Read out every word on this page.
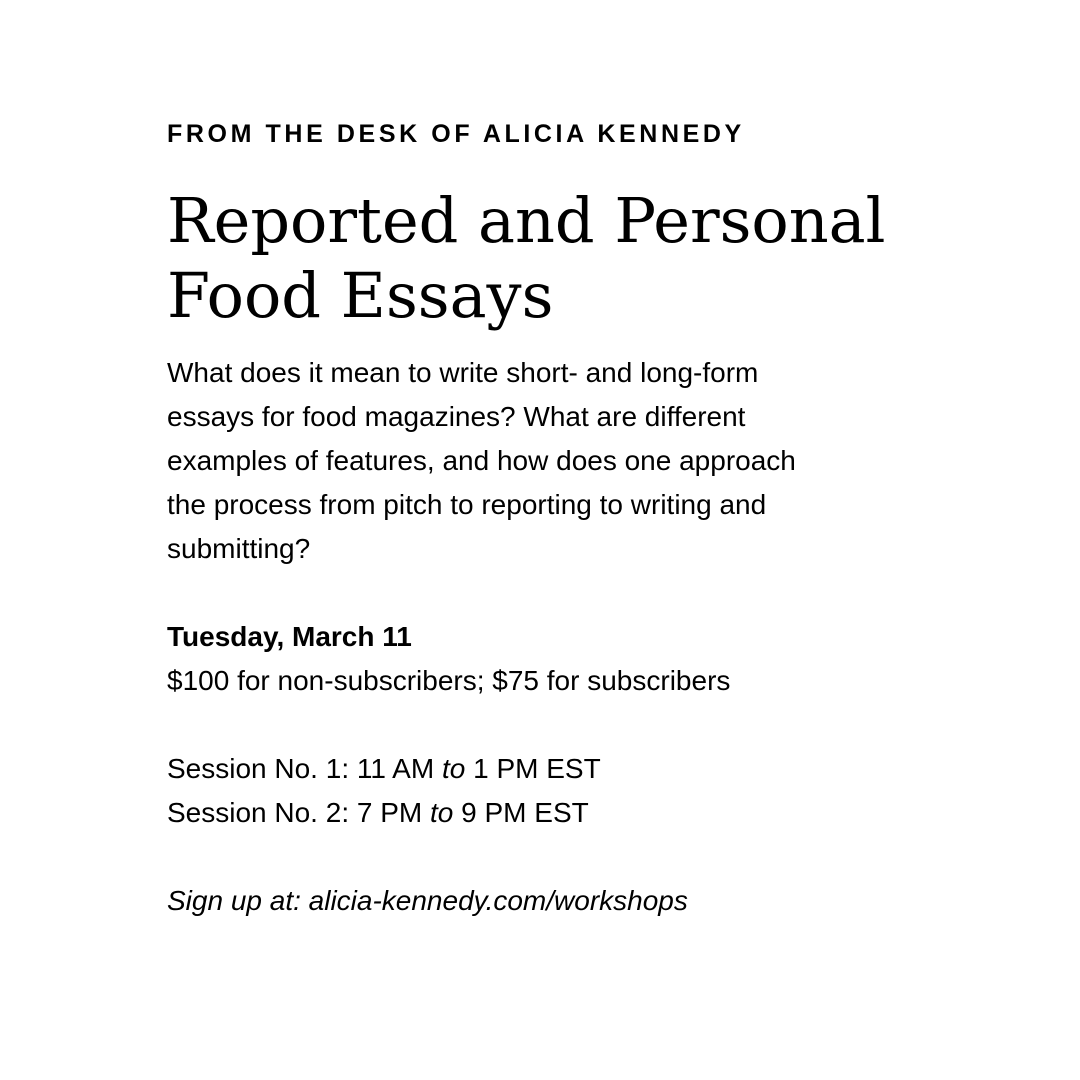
FROM THE DESK OF ALICIA KENNEDY
Reported and Personal
Food Essays
What does it mean to write short- and long-form
essays for food magazines? What are different
examples of features, and how does one approach
the process from pitch to reporting to writing and
submitting?
Tuesday, March 11
$100 for non-subscribers; $75 for subscribers
Session No. 1: 11 AM to 1 PM EST
Session No. 2: 7 PM to 9 PM EST
Sign up at: alicia-kennedy.com/workshops
